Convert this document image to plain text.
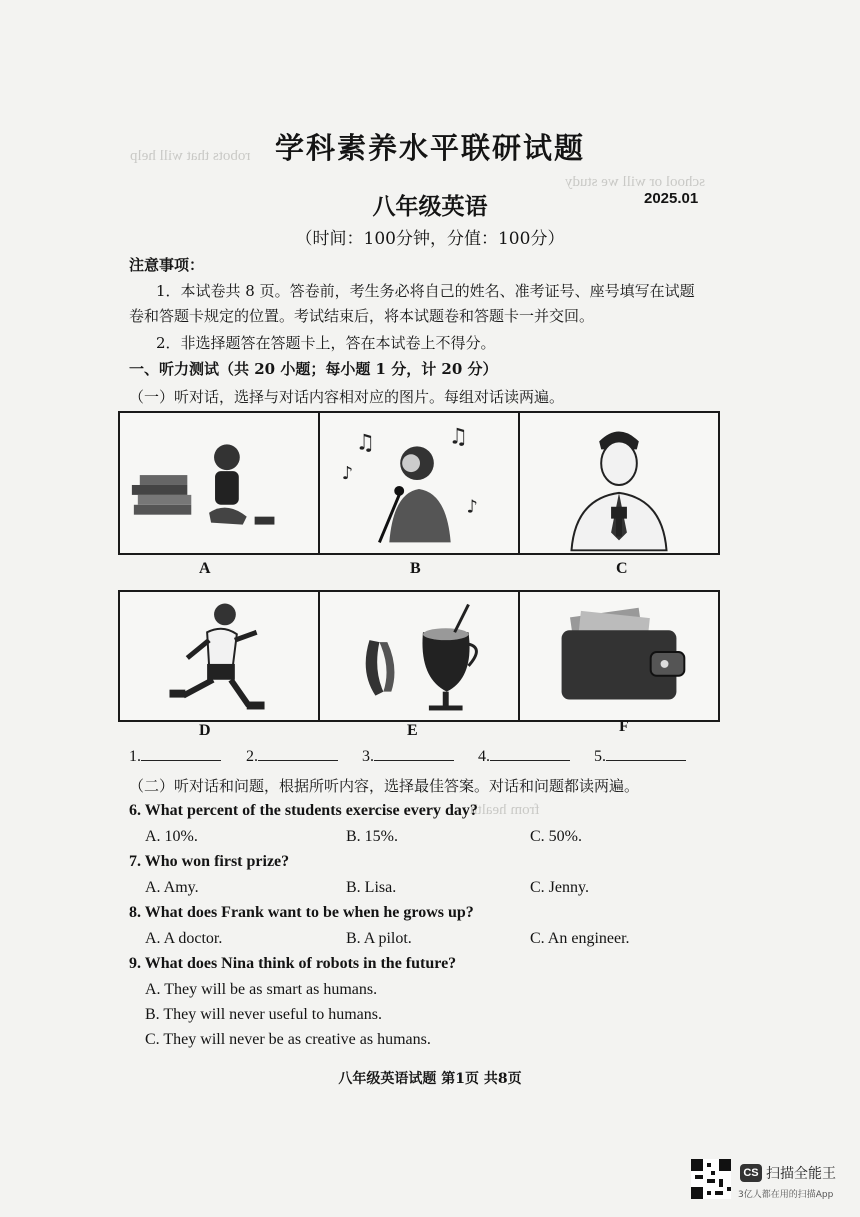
学科素养水平联研试题
八年级英语	2025.01
（时间：100分钟，分值：100分）
robots that will help
school or will we study
from health
注意事项：
1．本试卷共 8 页。答卷前，考生务必将自己的姓名、准考证号、座号填写在试题
卷和答题卡规定的位置。考试结束后，将本试题卷和答题卡一并交回。
2．非选择题答在答题卡上，答在本试卷上不得分。
一、听力测试（共 20 小题；每小题 1 分，计 20 分）
（一）听对话，选择与对话内容相对应的图片。每组对话读两遍。
♫
♪
♫
♪
A	B	C
D	E	F
1.	2.	3.	4.	5.
（二）听对话和问题，根据所听内容，选择最佳答案。对话和问题都读两遍。
6. What percent of the students exercise every day?
A. 10%.	B. 15%.	C. 50%.
7. Who won first prize?
A. Amy.	B. Lisa.	C. Jenny.
8. What does Frank want to be when he grows up?
A. A doctor.	B. A pilot.	C. An engineer.
9. What does Nina think of robots in the future?
A. They will be as smart as humans.
B. They will never useful to humans.
C. They will never be as creative as humans.
八年级英语试题 第1页 共8页
CS 扫描全能王
3亿人都在用的扫描App
